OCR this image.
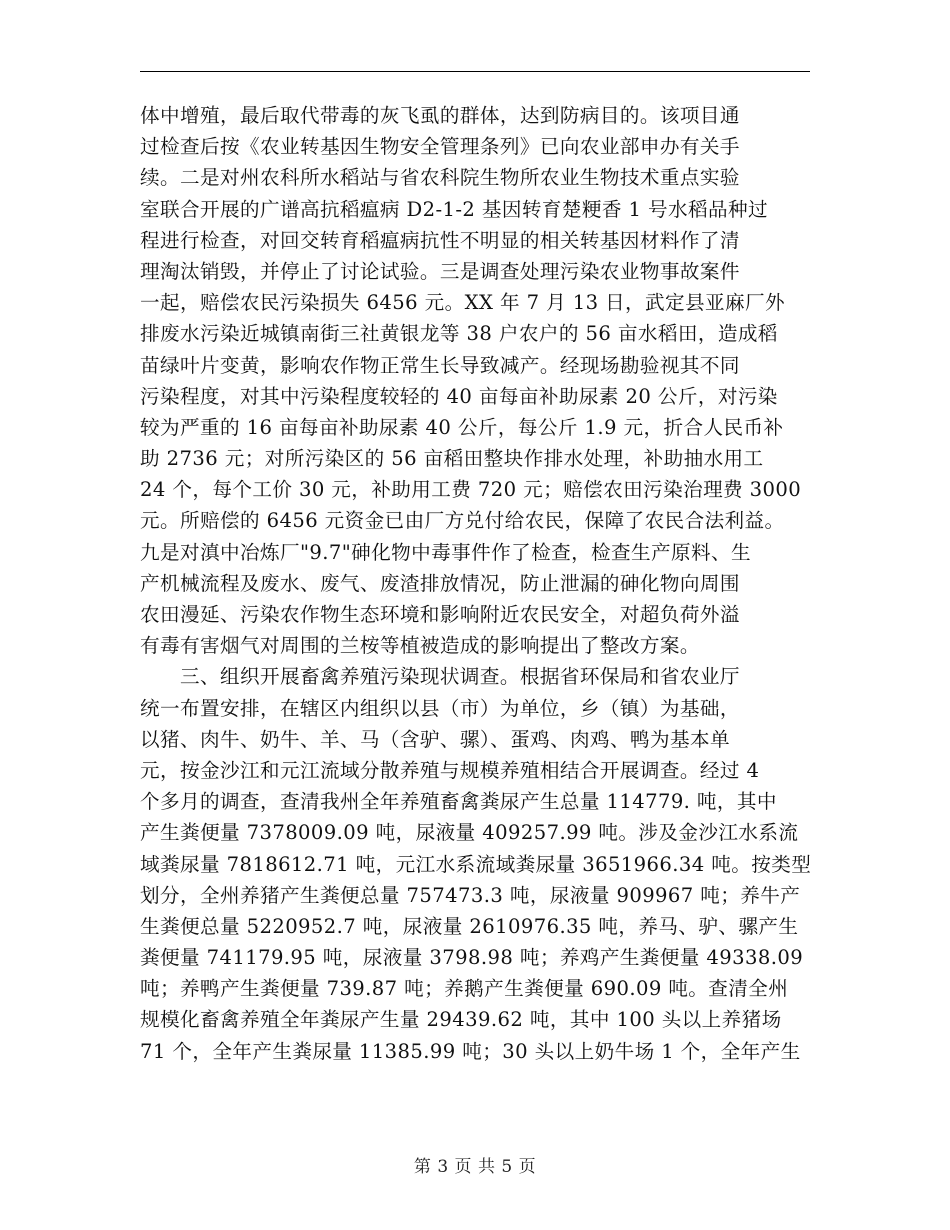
体中增殖，最后取代带毒的灰飞虱的群体，达到防病目的。该项目通
过检查后按《农业转基因生物安全管理条列》已向农业部申办有关手
续。二是对州农科所水稻站与省农科院生物所农业生物技术重点实验
室联合开展的广谱高抗稻瘟病 D2-1-2 基因转育楚粳香 1 号水稻品种过
程进行检查，对回交转育稻瘟病抗性不明显的相关转基因材料作了清
理淘汰销毁，并停止了讨论试验。三是调查处理污染农业物事故案件
一起，赔偿农民污染损失 6456 元。XX 年 7 月 13 日，武定县亚麻厂外
排废水污染近城镇南街三社黄银龙等 38 户农户的 56 亩水稻田，造成稻
苗绿叶片变黄，影响农作物正常生长导致减产。经现场勘验视其不同
污染程度，对其中污染程度较轻的 40 亩每亩补助尿素 20 公斤，对污染
较为严重的 16 亩每亩补助尿素 40 公斤，每公斤 1.9 元，折合人民币补
助 2736 元；对所污染区的 56 亩稻田整块作排水处理，补助抽水用工
24 个，每个工价 30 元，补助用工费 720 元；赔偿农田污染治理费 3000
元。所赔偿的 6456 元资金已由厂方兑付给农民，保障了农民合法利益。
九是对滇中冶炼厂"9.7"砷化物中毒事件作了检查，检查生产原料、生
产机械流程及废水、废气、废渣排放情况，防止泄漏的砷化物向周围
农田漫延、污染农作物生态环境和影响附近农民安全，对超负荷外溢
有毒有害烟气对周围的兰桉等植被造成的影响提出了整改方案。
　　三、组织开展畜禽养殖污染现状调查。根据省环保局和省农业厅
统一布置安排，在辖区内组织以县（市）为单位，乡（镇）为基础，
以猪、肉牛、奶牛、羊、马（含驴、骡）、蛋鸡、肉鸡、鸭为基本单
元，按金沙江和元江流域分散养殖与规模养殖相结合开展调查。经过 4
个多月的调查，查清我州全年养殖畜禽粪尿产生总量 114779. 吨，其中
产生粪便量 7378009.09 吨，尿液量 409257.99 吨。涉及金沙江水系流
域粪尿量 7818612.71 吨，元江水系流域粪尿量 3651966.34 吨。按类型
划分，全州养猪产生粪便总量 757473.3 吨，尿液量 909967 吨；养牛产
生粪便总量 5220952.7 吨，尿液量 2610976.35 吨，养马、驴、骡产生
粪便量 741179.95 吨，尿液量 3798.98 吨；养鸡产生粪便量 49338.09
吨；养鸭产生粪便量 739.87 吨；养鹅产生粪便量 690.09 吨。查清全州
规模化畜禽养殖全年粪尿产生量 29439.62 吨，其中 100 头以上养猪场
71 个，全年产生粪尿量 11385.99 吨；30 头以上奶牛场 1 个，全年产生

第 3 页 共 5 页
